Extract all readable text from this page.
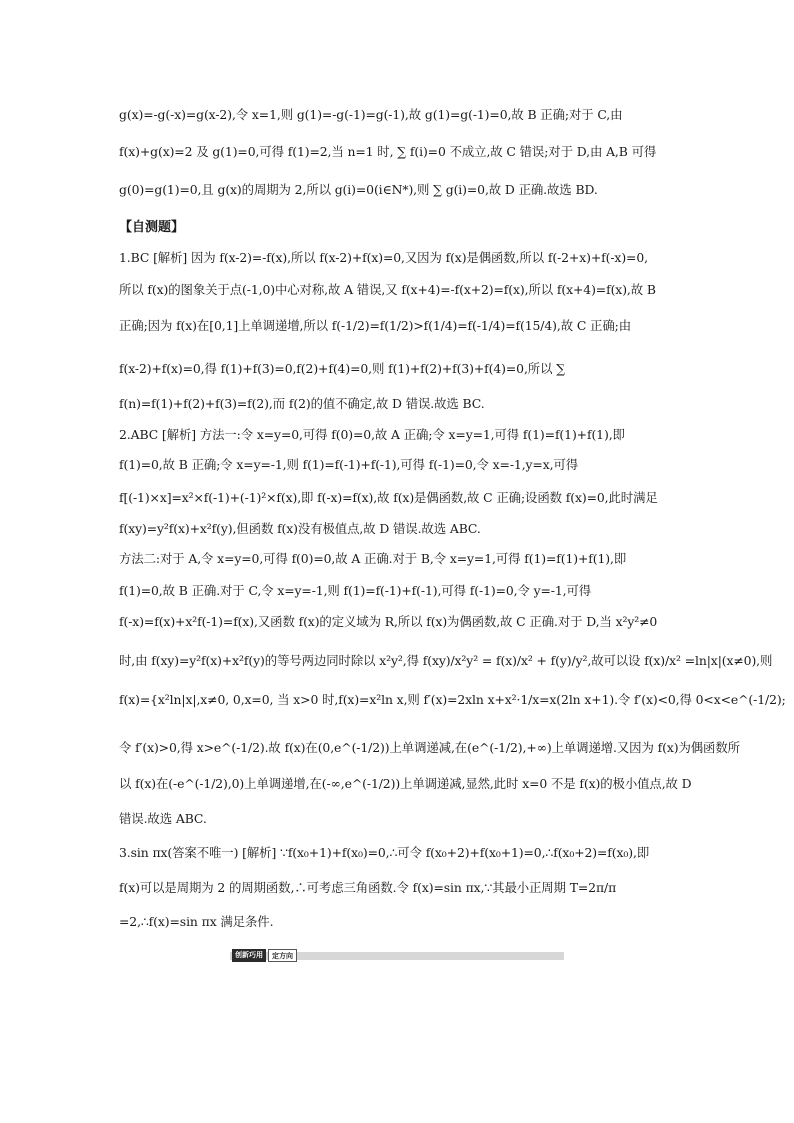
g(x)=-g(-x)=g(x-2),令 x=1,则 g(1)=-g(-1)=g(-1),故 g(1)=g(-1)=0,故 B 正确;对于 C,由
f(x)+g(x)=2 及 g(1)=0,可得 f(1)=2,当 n=1 时, ∑ f(i)=0 不成立,故 C 错误;对于 D,由 A,B 可得
g(0)=g(1)=0,且 g(x)的周期为 2,所以 g(i)=0(i∈N*),则 ∑ g(i)=0,故 D 正确.故选 BD.
【自测题】
1.BC [解析] 因为 f(x-2)=-f(x),所以 f(x-2)+f(x)=0,又因为 f(x)是偶函数,所以 f(-2+x)+f(-x)=0,
所以 f(x)的图象关于点(-1,0)中心对称,故 A 错误,又 f(x+4)=-f(x+2)=f(x),所以 f(x+4)=f(x),故 B
正确;因为 f(x)在[0,1]上单调递增,所以 f(-1/2)=f(1/2)>f(1/4)=f(-1/4)=f(15/4),故 C 正确;由
f(x-2)+f(x)=0,得 f(1)+f(3)=0,f(2)+f(4)=0,则 f(1)+f(2)+f(3)+f(4)=0,所以 ∑
f(n)=f(1)+f(2)+f(3)=f(2),而 f(2)的值不确定,故 D 错误.故选 BC.
2.ABC [解析] 方法一:令 x=y=0,可得 f(0)=0,故 A 正确;令 x=y=1,可得 f(1)=f(1)+f(1),即
f(1)=0,故 B 正确;令 x=y=-1,则 f(1)=f(-1)+f(-1),可得 f(-1)=0,令 x=-1,y=x,可得
f[(-1)×x]=x²×f(-1)+(-1)²×f(x),即 f(-x)=f(x),故 f(x)是偶函数,故 C 正确;设函数 f(x)=0,此时满足
f(xy)=y²f(x)+x²f(y),但函数 f(x)没有极值点,故 D 错误.故选 ABC.
方法二:对于 A,令 x=y=0,可得 f(0)=0,故 A 正确.对于 B,令 x=y=1,可得 f(1)=f(1)+f(1),即
f(1)=0,故 B 正确.对于 C,令 x=y=-1,则 f(1)=f(-1)+f(-1),可得 f(-1)=0,令 y=-1,可得
f(-x)=f(x)+x²f(-1)=f(x),又函数 f(x)的定义域为 R,所以 f(x)为偶函数,故 C 正确.对于 D,当 x²y²≠0
时,由 f(xy)=y²f(x)+x²f(y)的等号两边同时除以 x²y²,得 f(xy)/x²y² = f(x)/x² + f(y)/y²,故可以设 f(x)/x² =ln|x|(x≠0),则
f(x)={x²ln|x|,x≠0, 0,x=0, 当 x>0 时,f(x)=x²ln x,则 f′(x)=2xln x+x²·1/x=x(2ln x+1).令 f′(x)<0,得 0<x<e^(-1/2);
令 f′(x)>0,得 x>e^(-1/2).故 f(x)在(0,e^(-1/2))上单调递减,在(e^(-1/2),+∞)上单调递增.又因为 f(x)为偶函数所
以 f(x)在(-e^(-1/2),0)上单调递增,在(-∞,e^(-1/2))上单调递减,显然,此时 x=0 不是 f(x)的极小值点,故 D
错误.故选 ABC.
3.sin πx(答案不唯一) [解析] ∵f(x₀+1)+f(x₀)=0,∴可令 f(x₀+2)+f(x₀+1)=0,∴f(x₀+2)=f(x₀),即
f(x)可以是周期为 2 的周期函数,∴可考虑三角函数.令 f(x)=sin πx,∵其最小正周期 T=2π/π
=2,∴f(x)=sin πx 满足条件.
创新巧用	定方向
